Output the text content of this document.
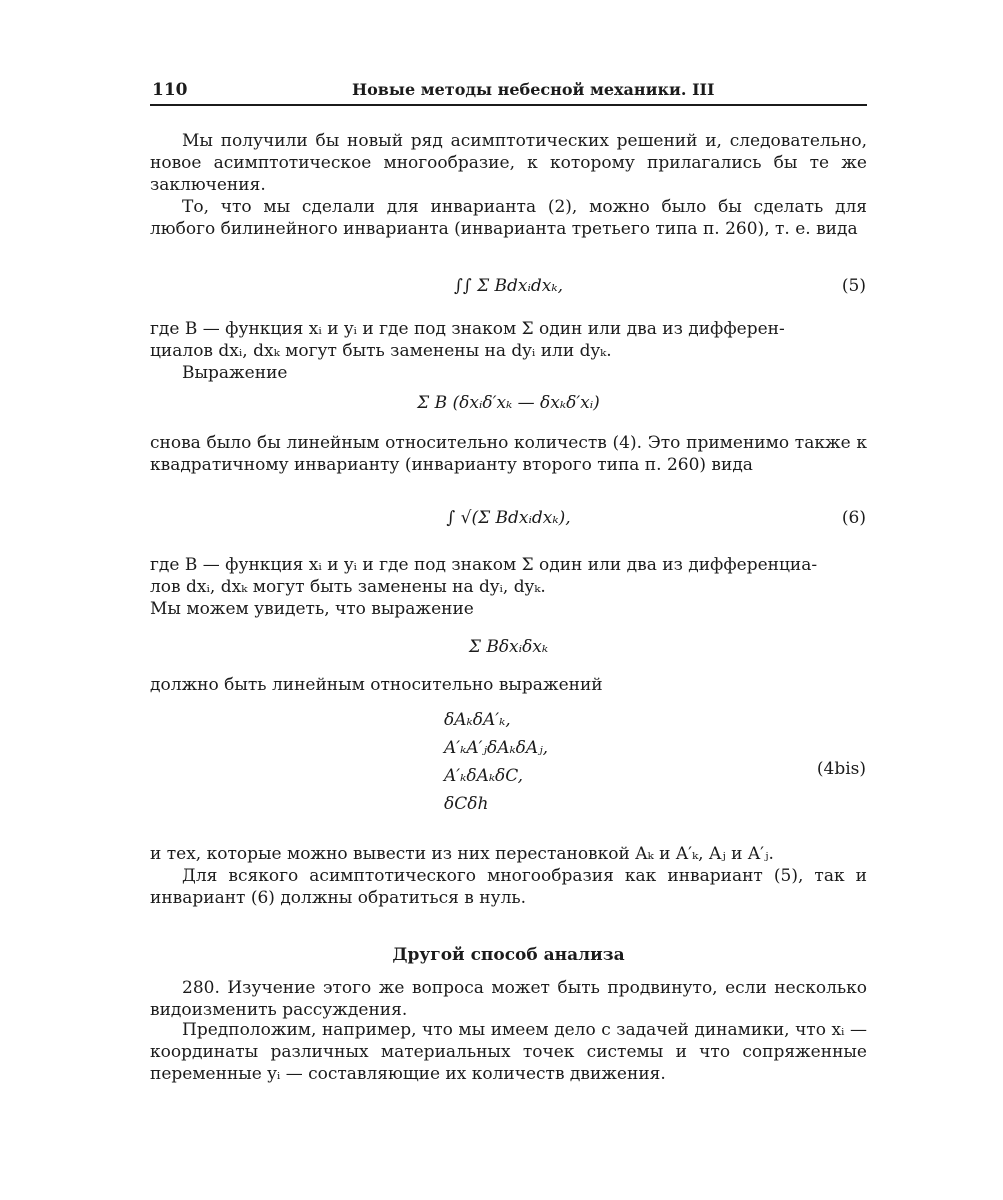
110	Новые методы небесной механики. III

Мы получили бы новый ряд асимптотических решений и, следовательно, новое асимптотическое многообразие, к которому прилагались бы те же заключения.

То, что мы сделали для инварианта (2), можно было бы сделать для любого билинейного инварианта (инварианта третьего типа п. 260), т. е. вида

∫∫ Σ Bdxᵢdxₖ,	(5)
где B — функция xᵢ и yᵢ и где под знаком Σ один или два из дифферен-
циалов dxᵢ, dxₖ могут быть заменены на dyᵢ или dyₖ.
Выражение
Σ B (δxᵢδ′xₖ — δxₖδ′xᵢ)

снова было бы линейным относительно количеств (4). Это применимо также к квадратичному инварианту (инварианту второго типа п. 260) вида

∫ √(Σ Bdxᵢdxₖ),	(6)
где B — функция xᵢ и yᵢ и где под знаком Σ один или два из дифференциа-
лов dxᵢ, dxₖ могут быть заменены на dyᵢ, dyₖ.
Мы можем увидеть, что выражение
Σ Bδxᵢδxₖ
должно быть линейным относительно выражений
δAₖδA′ₖ,
A′ₖA′ⱼδAₖδAⱼ,
A′ₖδAₖδC,
δCδh
(4bis)
и тех, которые можно вывести из них перестановкой Aₖ и A′ₖ, Aⱼ и A′ⱼ.

Для всякого асимптотического многообразия как инвариант (5), так и инвариант (6) должны обратиться в нуль.

Другой способ анализа

280. Изучение этого же вопроса может быть продвинуто, если несколько видоизменить рассуждения.

Предположим, например, что мы имеем дело с задачей динамики, что xᵢ — координаты различных материальных точек системы и что сопряженные переменные yᵢ — составляющие их количеств движения.
